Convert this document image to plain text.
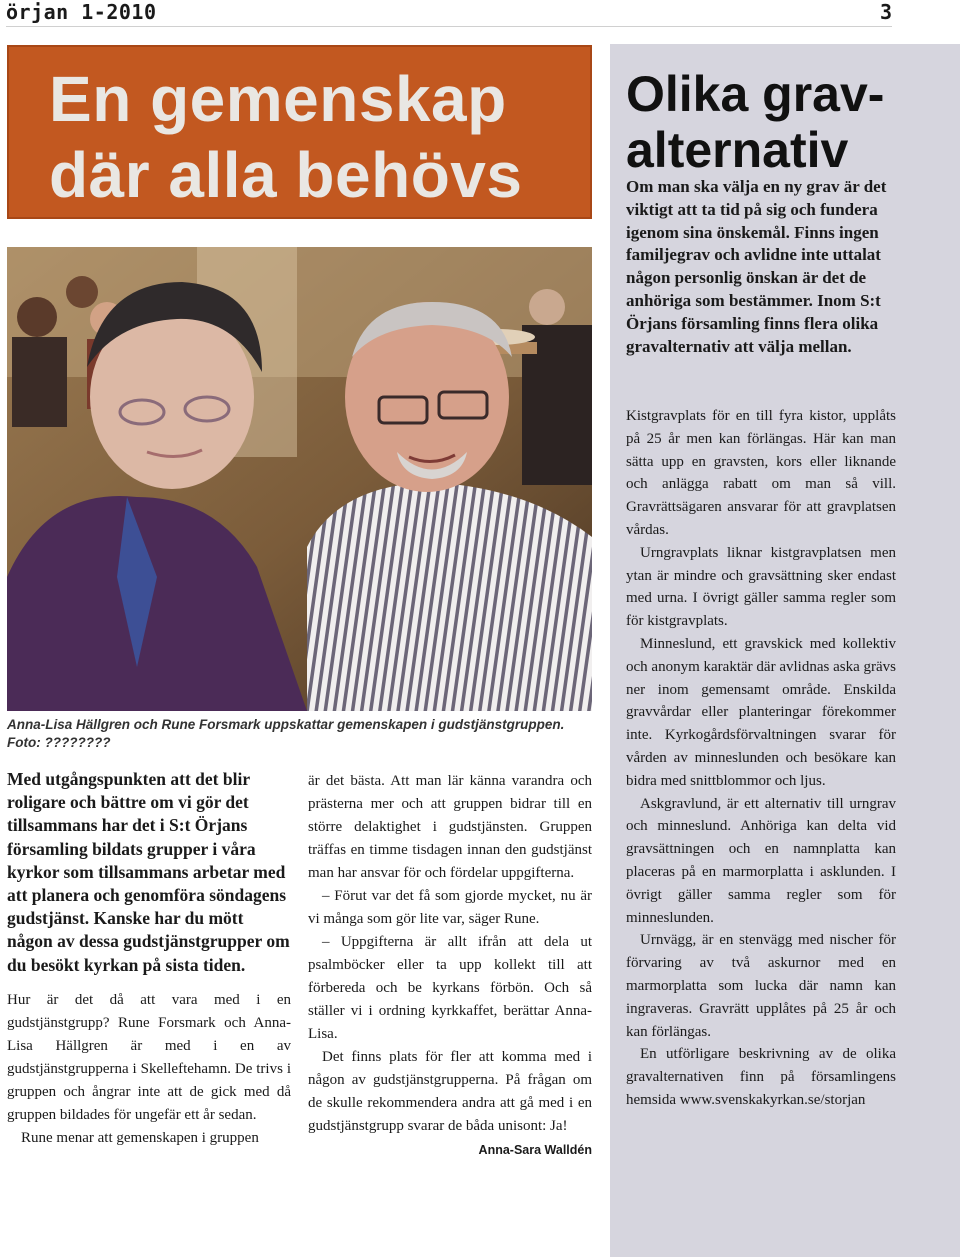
örjan 1-2010	3
En gemenskap
där alla behövs
Anna-Lisa Hällgren och Rune Forsmark uppskattar gemenskapen i gudstjänstgruppen.
Foto: ????????

Med utgångspunkten att det blir roligare och bättre om vi gör det tillsammans har det i S:t Örjans församling bildats grupper i våra kyrkor som tillsammans arbetar med att planera och genomföra söndagens gudstjänst. Kanske har du mött någon av dessa gudstjänstgrupper om du besökt kyrkan på sista tiden.

Hur är det då att vara med i en gudstjänstgrupp? Rune Forsmark och Anna-Lisa Hällgren är med i en av gudstjänstgrupperna i Skelleftehamn. De trivs i gruppen och ångrar inte att de gick med då gruppen bildades för ungefär ett år sedan.

Rune menar att gemenskapen i gruppen

är det bästa. Att man lär känna varandra och prästerna mer och att gruppen bidrar till en större delaktighet i gudstjänsten. Gruppen träffas en timme tisdagen innan den gudstjänst man har ansvar för och fördelar uppgifterna.

– Förut var det få som gjorde mycket, nu är vi många som gör lite var, säger Rune.

– Uppgifterna är allt ifrån att dela ut psalmböcker eller ta upp kollekt till att förbereda och be kyrkans förbön. Och så ställer vi i ordning kyrkkaffet, berättar Anna-Lisa.

Det finns plats för fler att komma med i någon av gudstjänstgrupperna. På frågan om de skulle rekommendera andra att gå med i en gudstjänstgrupp svarar de båda unisont: Ja!

Anna-Sara Walldén

Olika grav-
alternativ

Om man ska välja en ny grav är det viktigt att ta tid på sig och fundera igenom sina önskemål. Finns ingen familjegrav och avlidne inte uttalat någon personlig önskan är det de anhöriga som bestämmer. Inom S:t Örjans församling finns flera olika gravalternativ att välja mellan.

Kistgravplats för en till fyra kistor, upplåts på 25 år men kan förlängas. Här kan man sätta upp en gravsten, kors eller liknande och anlägga rabatt om man så vill. Gravrättsägaren ansvarar för att gravplatsen vårdas.

Urngravplats liknar kistgravplatsen men ytan är mindre och gravsättning sker endast med urna. I övrigt gäller samma regler som för kistgravplats.

Minneslund, ett gravskick med kollektiv och anonym karaktär där avlidnas aska grävs ner inom gemensamt område. Enskilda gravvårdar eller planteringar förekommer inte. Kyrkogårdsförvaltningen svarar för vården av minneslunden och besökare kan bidra med snittblommor och ljus.

Askgravlund, är ett alternativ till urngrav och minneslund. Anhöriga kan delta vid gravsättningen och en namnplatta kan placeras på en marmorplatta i asklunden. I övrigt gäller samma regler som för minneslunden.

Urnvägg, är en stenvägg med nischer för förvaring av två askurnor med en marmorplatta som lucka där namn kan ingraveras. Gravrätt upplåtes på 25 år och kan förlängas.

En utförligare beskrivning av de olika gravalternativen finn på församlingens hemsida www.svenskakyrkan.se/storjan
